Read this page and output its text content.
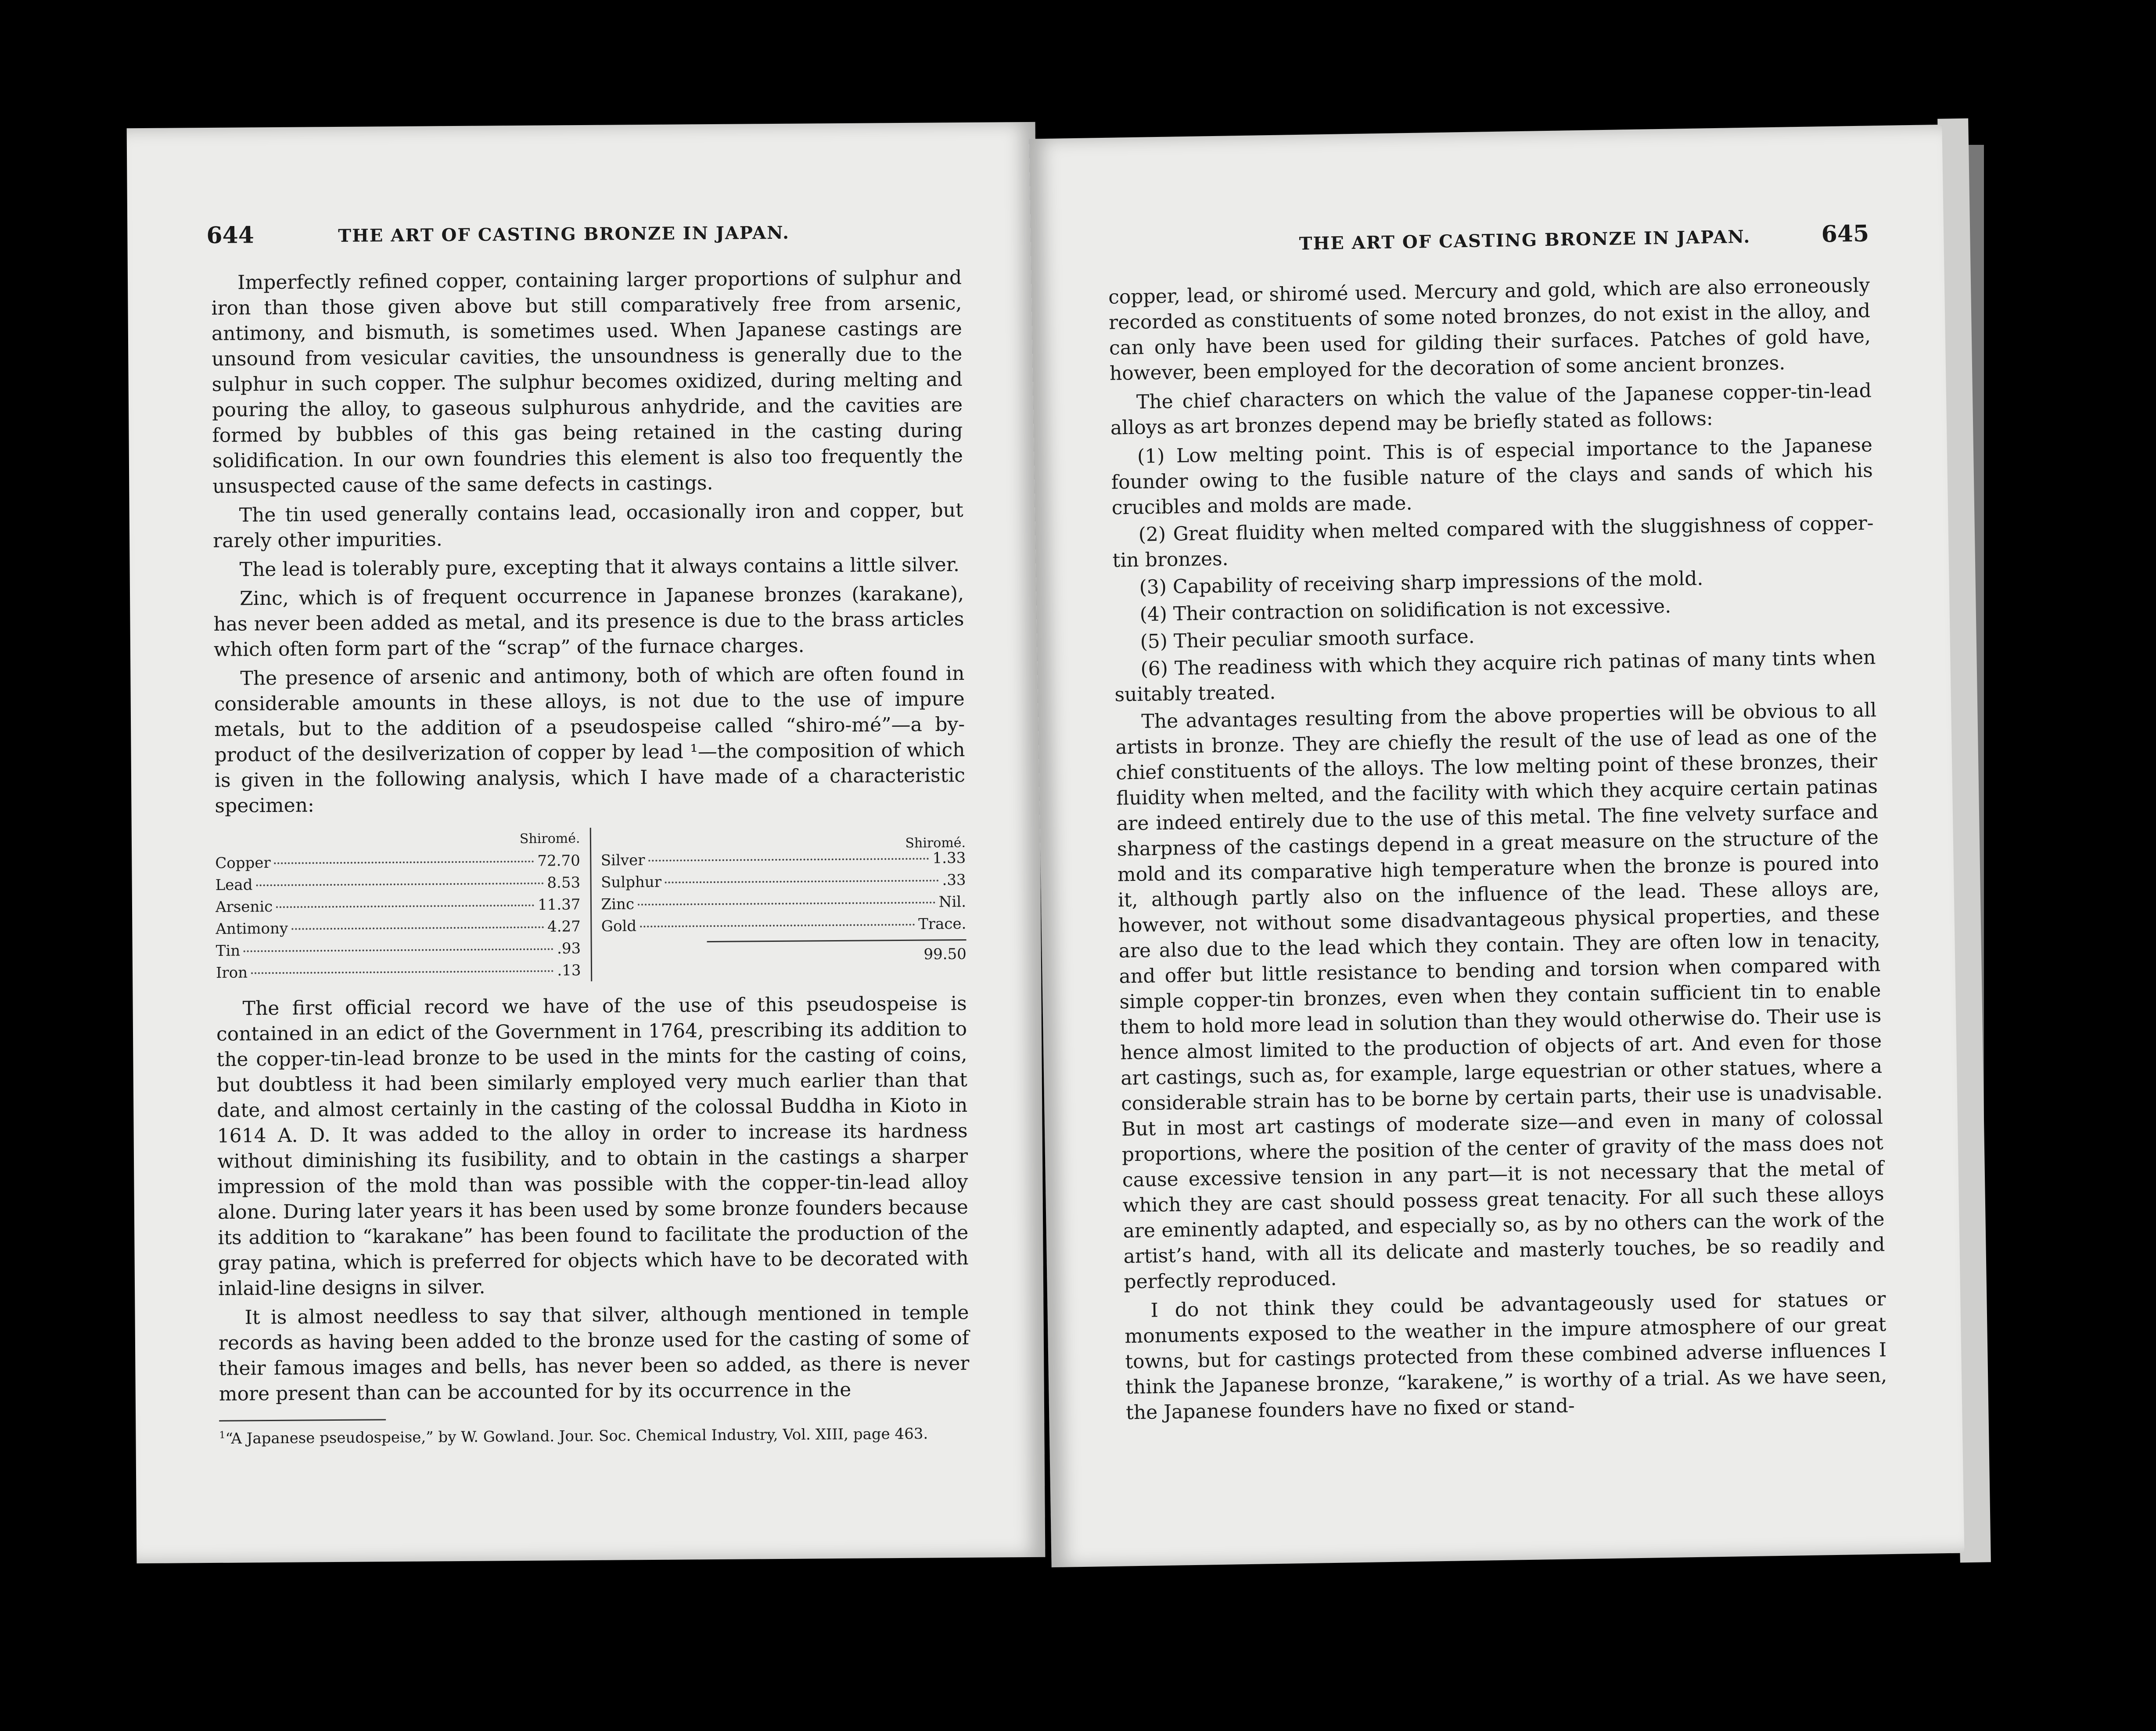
644	THE ART OF CASTING BRONZE IN JAPAN.

Imperfectly refined copper, containing larger proportions of sulphur and iron than those given above but still comparatively free from arsenic, antimony, and bismuth, is sometimes used. When Japanese castings are unsound from vesicular cavities, the unsoundness is generally due to the sulphur in such copper. The sulphur becomes oxidized, during melting and pouring the alloy, to gaseous sulphurous anhydride, and the cavities are formed by bubbles of this gas being retained in the casting during solidification. In our own foundries this element is also too frequently the unsuspected cause of the same defects in castings.

The tin used generally contains lead, occasionally iron and copper, but rarely other impurities.

The lead is tolerably pure, excepting that it always contains a little silver.

Zinc, which is of frequent occurrence in Japanese bronzes (karakane), has never been added as metal, and its presence is due to the brass articles which often form part of the “scrap” of the furnace charges.

The presence of arsenic and antimony, both of which are often found in considerable amounts in these alloys, is not due to the use of impure metals, but to the addition of a pseudospeise called “shiro-mé”—a by-product of the desilverization of copper by lead ¹—the composition of which is given in the following analysis, which I have made of a characteristic specimen:

Shiromé.
Copper	72.70
Lead	8.53
Arsenic	11.37
Antimony	4.27
Tin	.93
Iron	.13
Shiromé.
Silver	1.33
Sulphur	.33
Zinc	Nil.
Gold	Trace.
99.50

The first official record we have of the use of this pseudospeise is contained in an edict of the Government in 1764, prescribing its addition to the copper-tin-lead bronze to be used in the mints for the casting of coins, but doubtless it had been similarly employed very much earlier than that date, and almost certainly in the casting of the colossal Buddha in Kioto in 1614 A. D. It was added to the alloy in order to increase its hardness without diminishing its fusibility, and to obtain in the castings a sharper impression of the mold than was possible with the copper-tin-lead alloy alone. During later years it has been used by some bronze founders because its addition to “karakane” has been found to facilitate the production of the gray patina, which is preferred for objects which have to be decorated with inlaid-line designs in silver.

It is almost needless to say that silver, although mentioned in temple records as having been added to the bronze used for the casting of some of their famous images and bells, has never been so added, as there is never more present than can be accounted for by its occurrence in the

$^1$“A Japanese pseudospeise,” by W. Gowland. Jour. Soc. Chemical Industry, Vol. XIII, page 463.

THE ART OF CASTING BRONZE IN JAPAN.	645

copper, lead, or shiromé used. Mercury and gold, which are also erroneously recorded as constituents of some noted bronzes, do not exist in the alloy, and can only have been used for gilding their surfaces. Patches of gold have, however, been employed for the decoration of some ancient bronzes.

The chief characters on which the value of the Japanese copper-tin-lead alloys as art bronzes depend may be briefly stated as follows:

(1) Low melting point. This is of especial importance to the Japanese founder owing to the fusible nature of the clays and sands of which his crucibles and molds are made.

(2) Great fluidity when melted compared with the sluggishness of copper-tin bronzes.

(3) Capability of receiving sharp impressions of the mold.

(4) Their contraction on solidification is not excessive.

(5) Their peculiar smooth surface.

(6) The readiness with which they acquire rich patinas of many tints when suitably treated.

The advantages resulting from the above properties will be obvious to all artists in bronze. They are chiefly the result of the use of lead as one of the chief constituents of the alloys. The low melting point of these bronzes, their fluidity when melted, and the facility with which they acquire certain patinas are indeed entirely due to the use of this metal. The fine velvety surface and sharpness of the castings depend in a great measure on the structure of the mold and its comparative high temperature when the bronze is poured into it, although partly also on the influence of the lead. These alloys are, however, not without some disadvantageous physical properties, and these are also due to the lead which they contain. They are often low in tenacity, and offer but little resistance to bending and torsion when compared with simple copper-tin bronzes, even when they contain sufficient tin to enable them to hold more lead in solution than they would otherwise do. Their use is hence almost limited to the production of objects of art. And even for those art castings, such as, for example, large equestrian or other statues, where a considerable strain has to be borne by certain parts, their use is unadvisable. But in most art castings of moderate size—and even in many of colossal proportions, where the position of the center of gravity of the mass does not cause excessive tension in any part—it is not necessary that the metal of which they are cast should possess great tenacity. For all such these alloys are eminently adapted, and especially so, as by no others can the work of the artist’s hand, with all its delicate and masterly touches, be so readily and perfectly reproduced.

I do not think they could be advantageously used for statues or monuments exposed to the weather in the impure atmosphere of our great towns, but for castings protected from these combined adverse influences I think the Japanese bronze, “karakene,” is worthy of a trial. As we have seen, the Japanese founders have no fixed or stand-
